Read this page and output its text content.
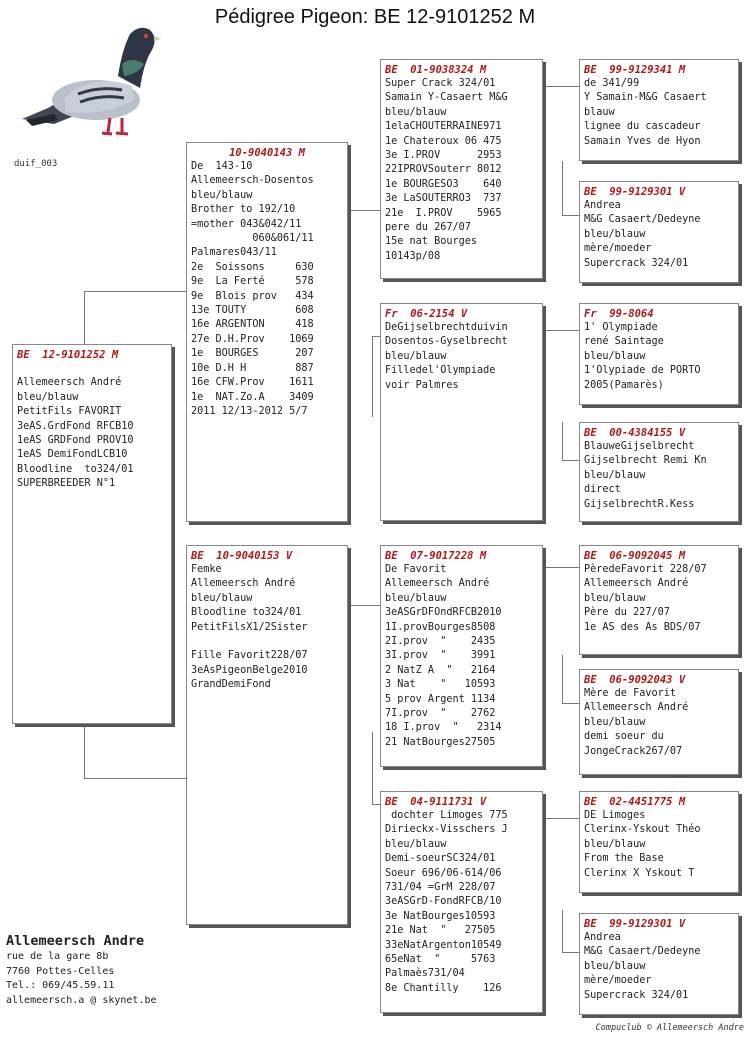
Pédigree Pigeon: BE 12-9101252 M
duif_003
BE  12-9101252 M

Allemeersch André
bleu/blauw
PetitFils FAVORIT
3eAS.GrdFond RFCB10
1eAS GRDFond PROV10
1eAS DemiFondLCB10
Bloodline  to324/01
SUPERBREEDER N°1
10-9040143 M
De  143-10
Allemeersch-Dosentos
bleu/blauw
Brother to 192/10
=mother 043&042/11
060&061/11
Palmares043/11
2e  Soissons     630
9e  La Ferté     578
9e  Blois prov   434
13e TOUTY        608
16e ARGENTON     418
27e D.H.Prov    1069
1e  BOURGES      207
10e D.H H        887
16e CFW.Prov    1611
1e  NAT.Zo.A    3409
2011 12/13-2012 5/7
BE  10-9040153 V
Femke
Allemeersch André
bleu/blauw
Bloodline to324/01
PetitFilsX1/2Sister

Fille Favorit228/07
3eAsPigeonBelge2010
GrandDemiFond
BE  01-9038324 M
Super Crack 324/01
Samain Y-Casaert M&G
bleu/blauw
1elaCHOUTERRAINE971
1e Chateroux 06 475
3e I.PROV      2953
22IPROVSouterr 8012
1e BOURGESO3    640
3e LaSOUTERRO3  737
21e  I.PROV    5965
pere du 267/07
15e nat Bourges
10143p/08
Fr  06-2154 V
DeGijselbrechtduivin
Dosentos-Gyselbrecht
bleu/blauw
Filledel'Olympiade
voir Palmres
BE  07-9017228 M
De Favorit
Allemeersch André
bleu/blauw
3eASGrDFOndRFCB2010
1I.provBourges8508
2I.prov  "    2435
3I.prov  "    3991
2 NatZ A  "   2164
3 Nat    "   10593
5 prov Argent 1134
7I.prov  "    2762
18 I.prov  "   2314
21 NatBourges27505
BE  04-9111731 V
dochter Limoges 775
Dirieckx-Visschers J
bleu/blauw
Demi-soeurSC324/01
Soeur 696/06-614/06
731/04 =GrM 228/07
3eASGrD-FondRFCB/10
3e NatBourges10593
21e Nat  "   27505
33eNatArgenton10549
65eNat  "     5763
Palmaès731/04
8e Chantilly    126
BE  99-9129341 M
de 341/99
Y Samain-M&G Casaert
blauw
lignee du cascadeur
Samain Yves de Hyon
BE  99-9129301 V
Andrea
M&G Casaert/Dedeyne
bleu/blauw
mère/moeder
Supercrack 324/01
Fr  99-8064
1' Olympiade
rené Saintage
bleu/blauw
1'Olypiade de PORTO
2005(Pamarès)
BE  00-4384155 V
BlauweGijselbrecht
Gijselbrecht Remi Kn
bleu/blauw
direct
GijselbrechtR.Kess
BE  06-9092045 M
PèredeFavorit 228/07
Allemeersch André
bleu/blauw
Père du 227/07
1e AS des As BDS/07
BE  06-9092043 V
Mère de Favorit
Allemeersch André
bleu/blauw
demi soeur du
JongeCrack267/07
BE  02-4451775 M
DE Limoges
Clerinx-Yskout Théo
bleu/blauw
From the Base
Clerinx X Yskout T
BE  99-9129301 V
Andrea
M&G Casaert/Dedeyne
bleu/blauw
mère/moeder
Supercrack 324/01
Allemeersch Andre
rue de la gare 8b
7760 Pottes-Celles
Tel.: 069/45.59.11
allemeersch.a @ skynet.be
Compuclub © Allemeersch Andre
